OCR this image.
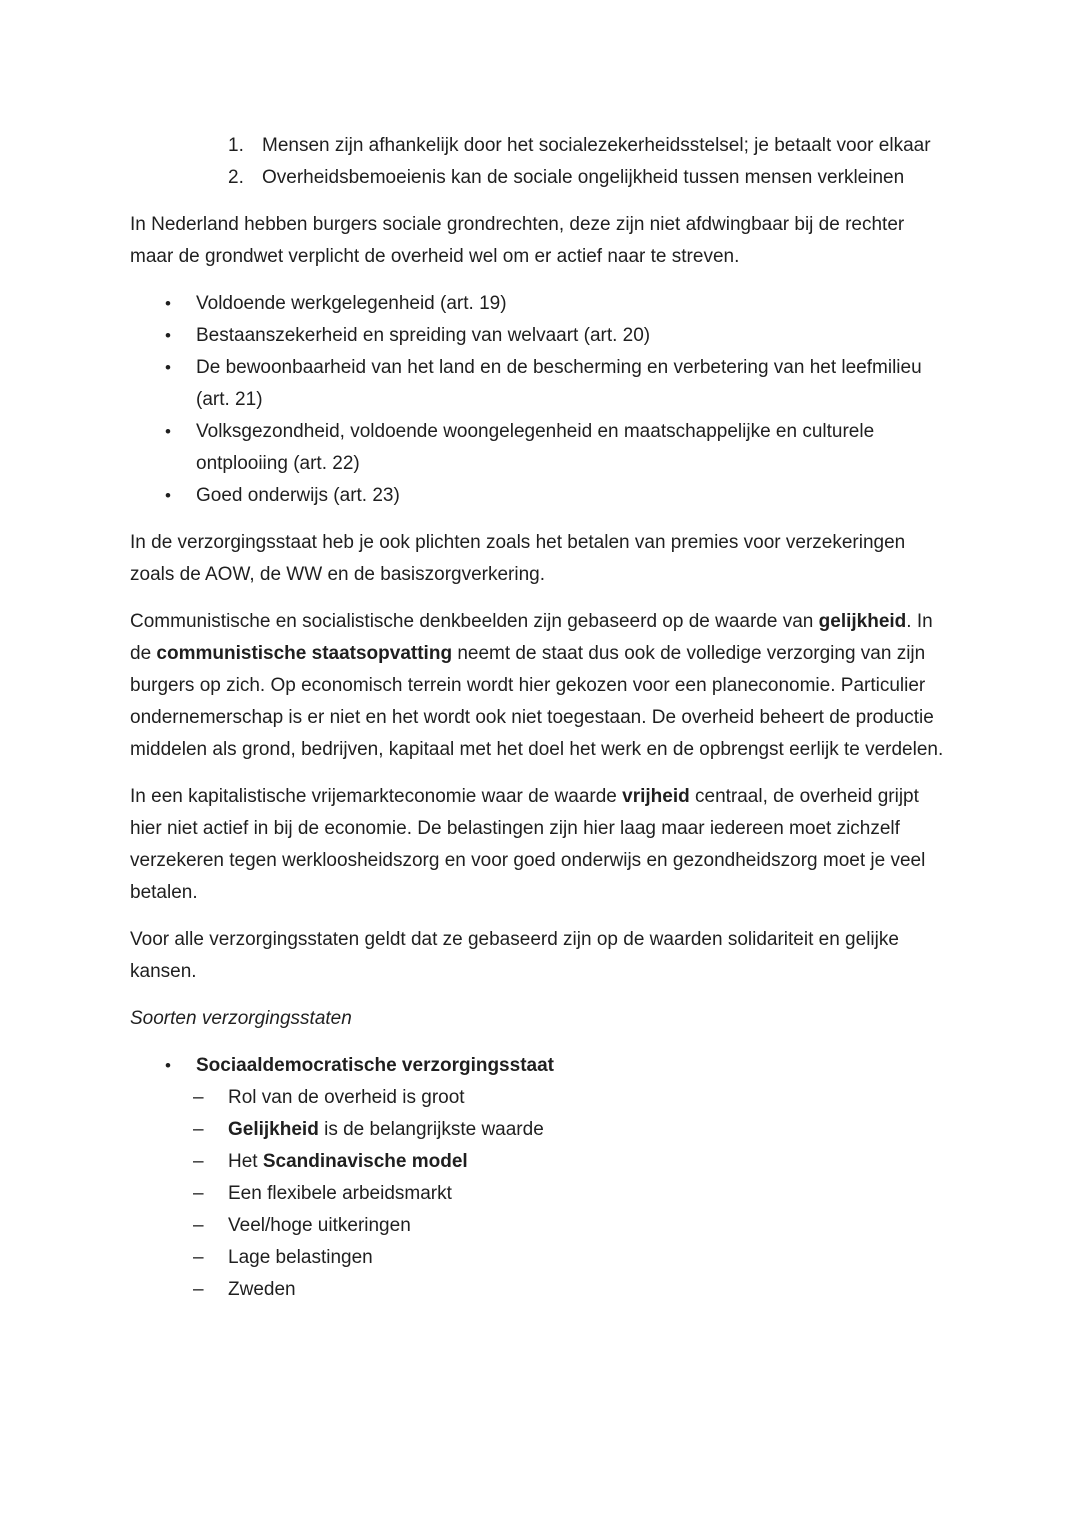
1. Mensen zijn afhankelijk door het socialezekerheidsstelsel; je betaalt voor elkaar
2. Overheidsbemoeienis kan de sociale ongelijkheid tussen mensen verkleinen

In Nederland hebben burgers sociale grondrechten, deze zijn niet afdwingbaar bij de rechter maar de grondwet verplicht de overheid wel om er actief naar te streven.

•	Voldoende werkgelegenheid (art. 19)
•	Bestaanszekerheid en spreiding van welvaart (art. 20)
•	De bewoonbaarheid van het land en de bescherming en verbetering van het leefmilieu (art. 21)
•	Volksgezondheid, voldoende woongelegenheid en maatschappelijke en culturele ontplooiing (art. 22)
•	Goed onderwijs (art. 23)

In de verzorgingsstaat heb je ook plichten zoals het betalen van premies voor verzekeringen zoals de AOW, de WW en de basiszorgverkering.

Communistische en socialistische denkbeelden zijn gebaseerd op de waarde van gelijkheid. In de communistische staatsopvatting neemt de staat dus ook de volledige verzorging van zijn burgers op zich. Op economisch terrein wordt hier gekozen voor een planeconomie. Particulier ondernemerschap is er niet en het wordt ook niet toegestaan. De overheid beheert de productie middelen als grond, bedrijven, kapitaal met het doel het werk en de opbrengst eerlijk te verdelen.

In een kapitalistische vrijemarkteconomie waar de waarde vrijheid centraal, de overheid grijpt hier niet actief in bij de economie. De belastingen zijn hier laag maar iedereen moet zichzelf verzekeren tegen werkloosheidszorg en voor goed onderwijs en gezondheidszorg moet je veel betalen.

Voor alle verzorgingsstaten geldt dat ze gebaseerd zijn op de waarden solidariteit en gelijke kansen.

Soorten verzorgingsstaten

•	Sociaaldemocratische verzorgingsstaat
–	Rol van de overheid is groot
–	Gelijkheid is de belangrijkste waarde
–	Het Scandinavische model
–	Een flexibele arbeidsmarkt
–	Veel/hoge uitkeringen
–	Lage belastingen
–	Zweden
